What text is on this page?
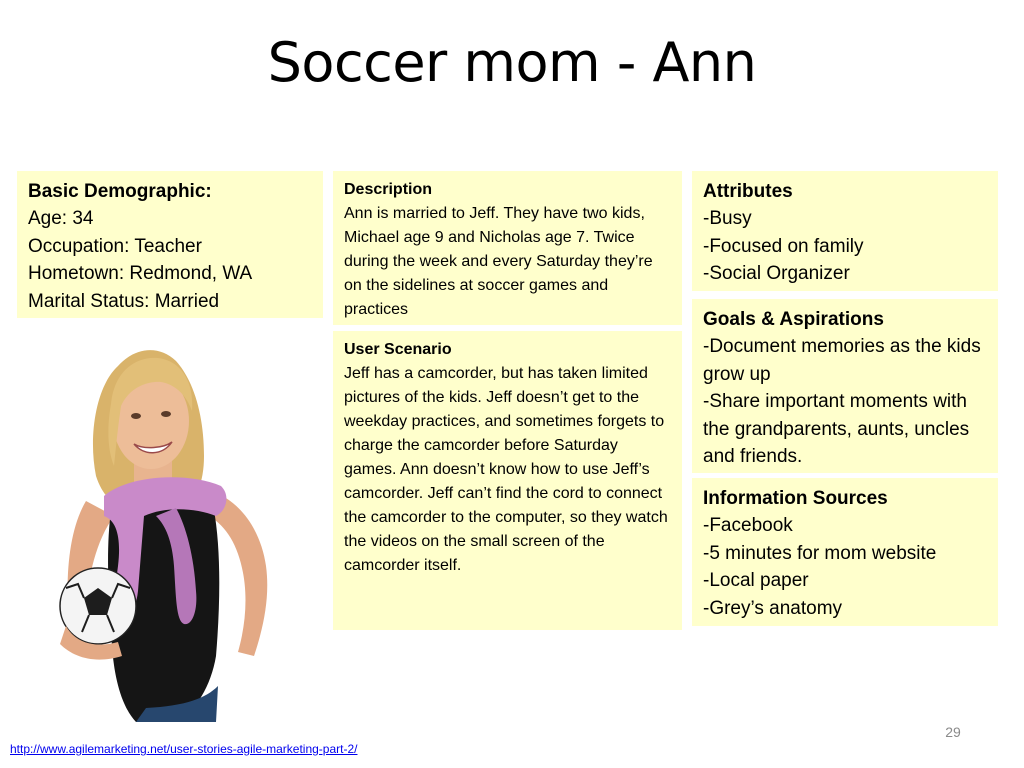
Soccer mom - Ann
Basic Demographic:
Age: 34
Occupation: Teacher
Hometown: Redmond, WA
Marital Status: Married
Description
Ann is married to Jeff. They have two kids, Michael age 9 and Nicholas age 7. Twice during the week and every Saturday they’re on the sidelines at soccer games and practices
User Scenario
Jeff has a camcorder, but has taken limited pictures of the kids. Jeff doesn’t get to the weekday practices, and sometimes forgets to charge the camcorder before Saturday games. Ann doesn’t know how to use Jeff’s camcorder. Jeff can’t find the cord to connect the camcorder to the computer, so they watch the videos on the small screen of the camcorder itself.
Attributes
-Busy
-Focused on family
-Social Organizer
Goals & Aspirations
-Document memories as the kids grow up
-Share important moments with the grandparents, aunts, uncles and friends.
Information Sources
-Facebook
-5 minutes for mom website
-Local paper
-Grey’s anatomy
29
http://www.agilemarketing.net/user-stories-agile-marketing-part-2/
